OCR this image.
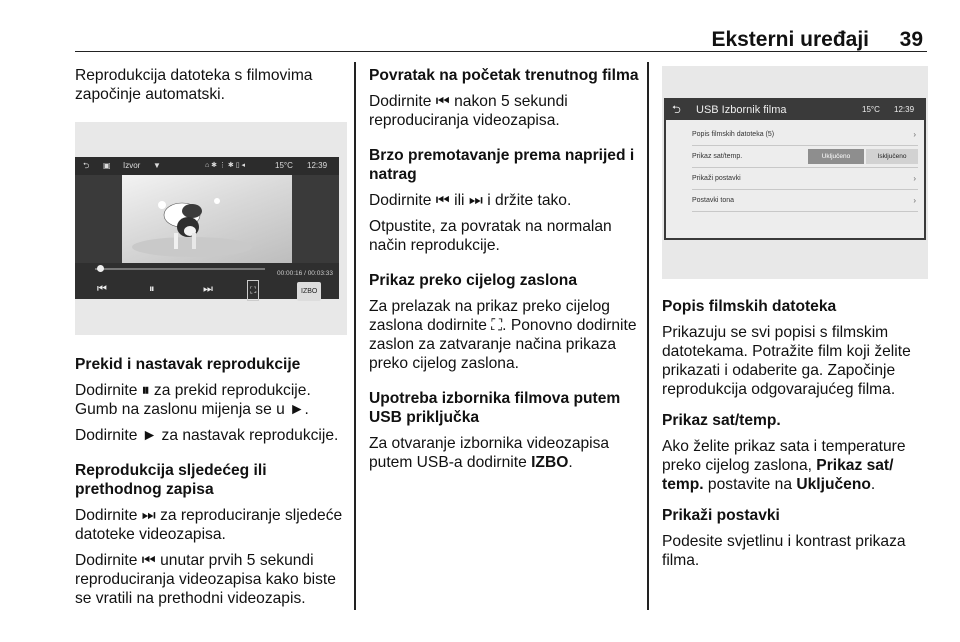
Eksterni uređaji 39

Reprodukcija datoteka s filmovima započinje automatski.

⮌ ▣ Izvor ▼	⌂ ✱ ⋮ ✱ ▯ ◂	15°C 12:39
00:00:16 / 00:03:33
⏮	⏸	⏭	⛶	IZBO

Prekid i nastavak reprodukcije

Dodirnite ⏸ za prekid reprodukcije. Gumb na zaslonu mijenja se u ►.

Dodirnite ► za nastavak reprodukcije.

Reprodukcija sljedećeg ili prethodnog zapisa

Dodirnite ⏭ za reproduciranje sljedeće datoteke videozapisa.

Dodirnite ⏮ unutar prvih 5 sekundi reproduciranja videozapisa kako biste se vratili na prethodni videozapis.

Povratak na početak trenutnog filma

Dodirnite ⏮ nakon 5 sekundi reproduciranja videozapisa.

Brzo premotavanje prema naprijed i natrag

Dodirnite ⏮ ili ⏭ i držite tako.

Otpustite, za povratak na normalan način reprodukcije.

Prikaz preko cijelog zaslona

Za prelazak na prikaz preko cijelog zaslona dodirnite ⛶. Ponovno dodirnite zaslon za zatvaranje načina prikaza preko cijelog zaslona.

Upotreba izbornika filmova putem USB priključka

Za otvaranje izbornika videozapisa putem USB-a dodirnite IZBO.

⮌ USB Izbornik filma	15°C 12:39
Popis filmskih datoteka (5)	›
Prikaz sat/temp.	Uključeno	Isključeno
Prikaži postavki	›
Postavki tona	›

Popis filmskih datoteka

Prikazuju se svi popisi s filmskim datotekama. Potražite film koji želite prikazati i odaberite ga. Započinje reprodukcija odgovarajućeg filma.

Prikaz sat/temp.

Ako želite prikaz sata i temperature preko cijelog zaslona, Prikaz sat/ temp. postavite na Uključeno.

Prikaži postavki

Podesite svjetlinu i kontrast prikaza filma.
